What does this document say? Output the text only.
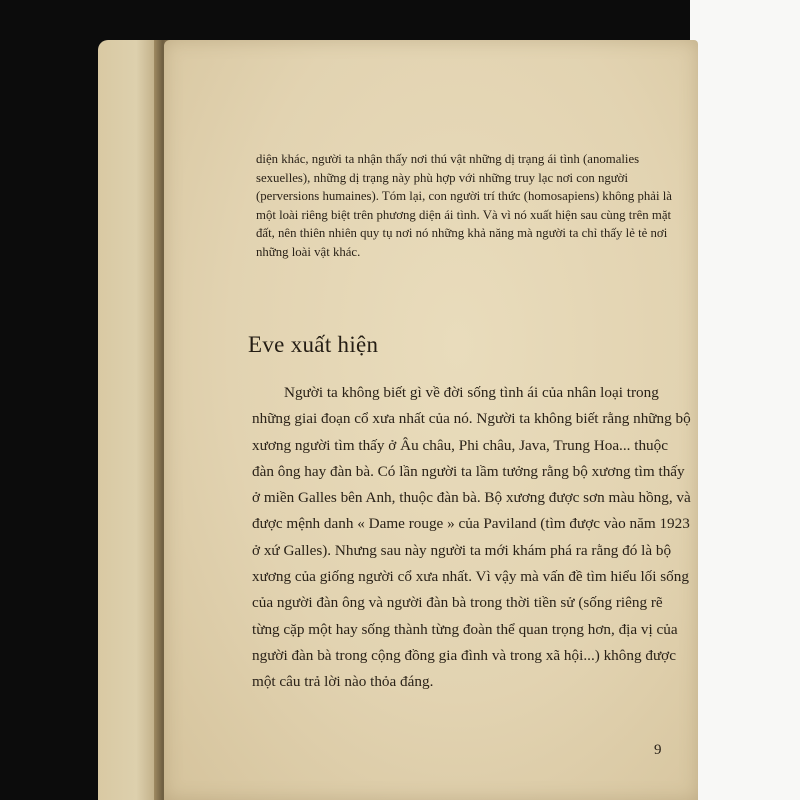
diện khác, người ta nhận thấy nơi thú vật những dị trạng ái tình (anomalies sexuelles), những dị trạng này phù hợp với những truy lạc nơi con người (perversions humaines). Tóm lại, con người trí thức (homosapiens) không phải là một loài riêng biệt trên phương diện ái tình. Và vì nó xuất hiện sau cùng trên mặt đất, nên thiên nhiên quy tụ nơi nó những khả năng mà người ta chỉ thấy lẻ tẻ nơi những loài vật khác.

Eve xuất hiện

Người ta không biết gì về đời sống tình ái của nhân loại trong những giai đoạn cổ xưa nhất của nó. Người ta không biết rằng những bộ xương người tìm thấy ở Âu châu, Phi châu, Java, Trung Hoa... thuộc đàn ông hay đàn bà. Có lần người ta lầm tưởng rằng bộ xương tìm thấy ở miền Galles bên Anh, thuộc đàn bà. Bộ xương được sơn màu hồng, và được mệnh danh « Dame rouge » của Paviland (tìm được vào năm 1923 ở xứ Galles). Nhưng sau này người ta mới khám phá ra rằng đó là bộ xương của giống người cổ xưa nhất. Vì vậy mà vấn đề tìm hiểu lối sống của người đàn ông và người đàn bà trong thời tiền sử (sống riêng rẽ từng cặp một hay sống thành từng đoàn thể quan trọng hơn, địa vị của người đàn bà trong cộng đồng gia đình và trong xã hội...) không được một câu trả lời nào thỏa đáng.

9
